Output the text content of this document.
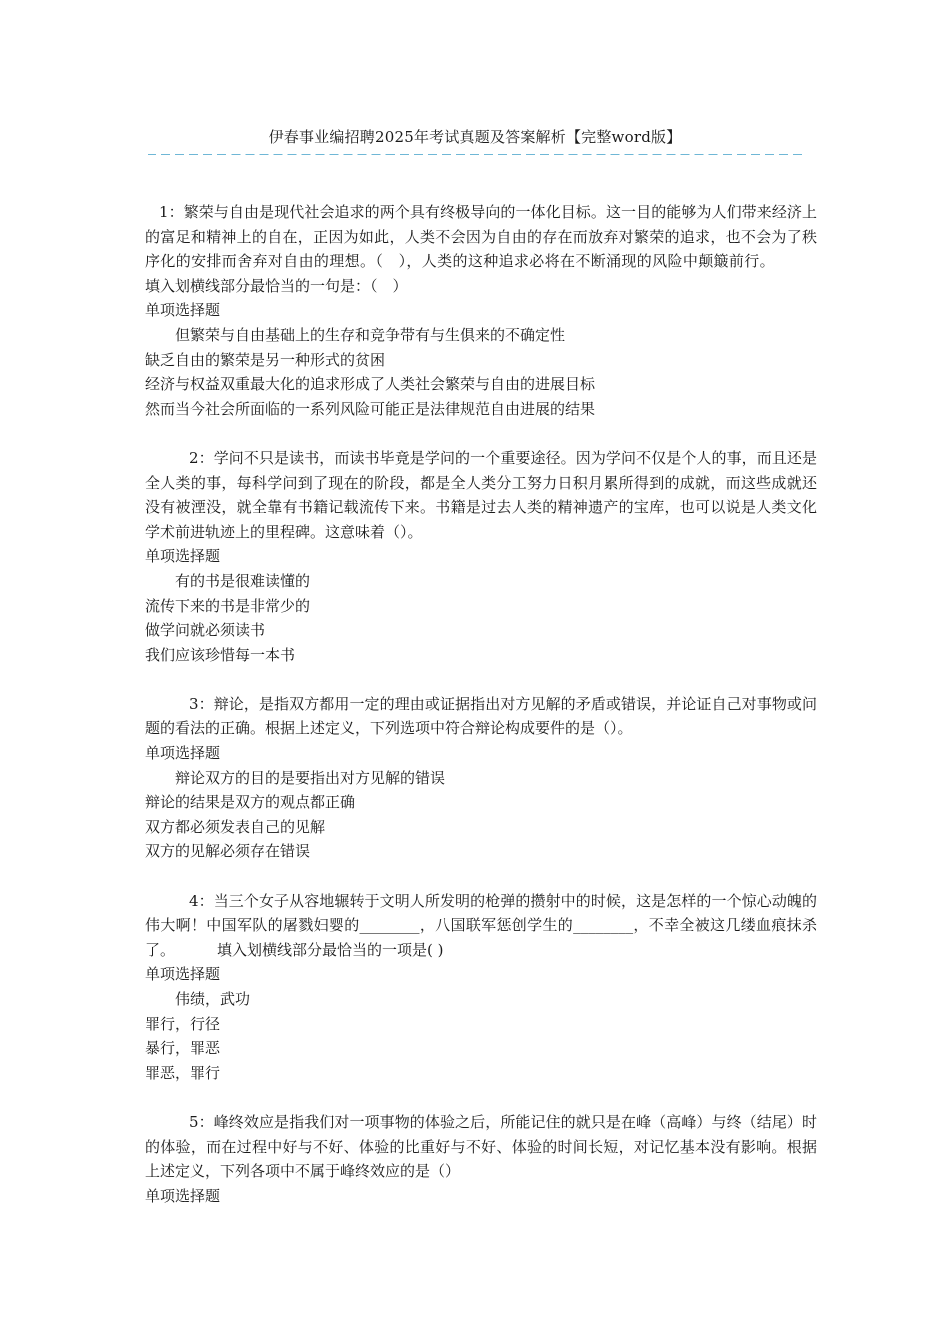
伊春事业编招聘2025年考试真题及答案解析【完整word版】
1：繁荣与自由是现代社会追求的两个具有终极导向的一体化目标。这一目的能够为人们带来经济上的富足和精神上的自在，正因为如此，人类不会因为自由的存在而放弃对繁荣的追求，也不会为了秩序化的安排而舍弃对自由的理想。（　），人类的这种追求必将在不断涌现的风险中颠簸前行。填入划横线部分最恰当的一句是：（　）
单项选择题
但繁荣与自由基础上的生存和竞争带有与生俱来的不确定性
缺乏自由的繁荣是另一种形式的贫困
经济与权益双重最大化的追求形成了人类社会繁荣与自由的进展目标
然而当今社会所面临的一系列风险可能正是法律规范自由进展的结果
2：学问不只是读书，而读书毕竟是学问的一个重要途径。因为学问不仅是个人的事，而且还是全人类的事，每科学问到了现在的阶段，都是全人类分工努力日积月累所得到的成就，而这些成就还没有被湮没，就全靠有书籍记载流传下来。书籍是过去人类的精神遗产的宝库，也可以说是人类文化学术前进轨迹上的里程碑。这意味着（）。
单项选择题
有的书是很难读懂的
流传下来的书是非常少的
做学问就必须读书
我们应该珍惜每一本书
3：辩论，是指双方都用一定的理由或证据指出对方见解的矛盾或错误，并论证自己对事物或问题的看法的正确。根据上述定义，下列选项中符合辩论构成要件的是（）。
单项选择题
辩论双方的目的是要指出对方见解的错误
辩论的结果是双方的观点都正确
双方都必须发表自己的见解
双方的见解必须存在错误
4：当三个女子从容地辗转于文明人所发明的枪弹的攒射中的时候，这是怎样的一个惊心动魄的伟大啊！中国军队的屠戮妇婴的________，八国联军惩创学生的________，不幸全被这几缕血痕抹杀了。	填入划横线部分最恰当的一项是( )
单项选择题
伟绩，武功
罪行，行径
暴行，罪恶
罪恶，罪行
5：峰终效应是指我们对一项事物的体验之后，所能记住的就只是在峰（高峰）与终（结尾）时的体验，而在过程中好与不好、体验的比重好与不好、体验的时间长短，对记忆基本没有影响。根据上述定义，下列各项中不属于峰终效应的是（）
单项选择题
